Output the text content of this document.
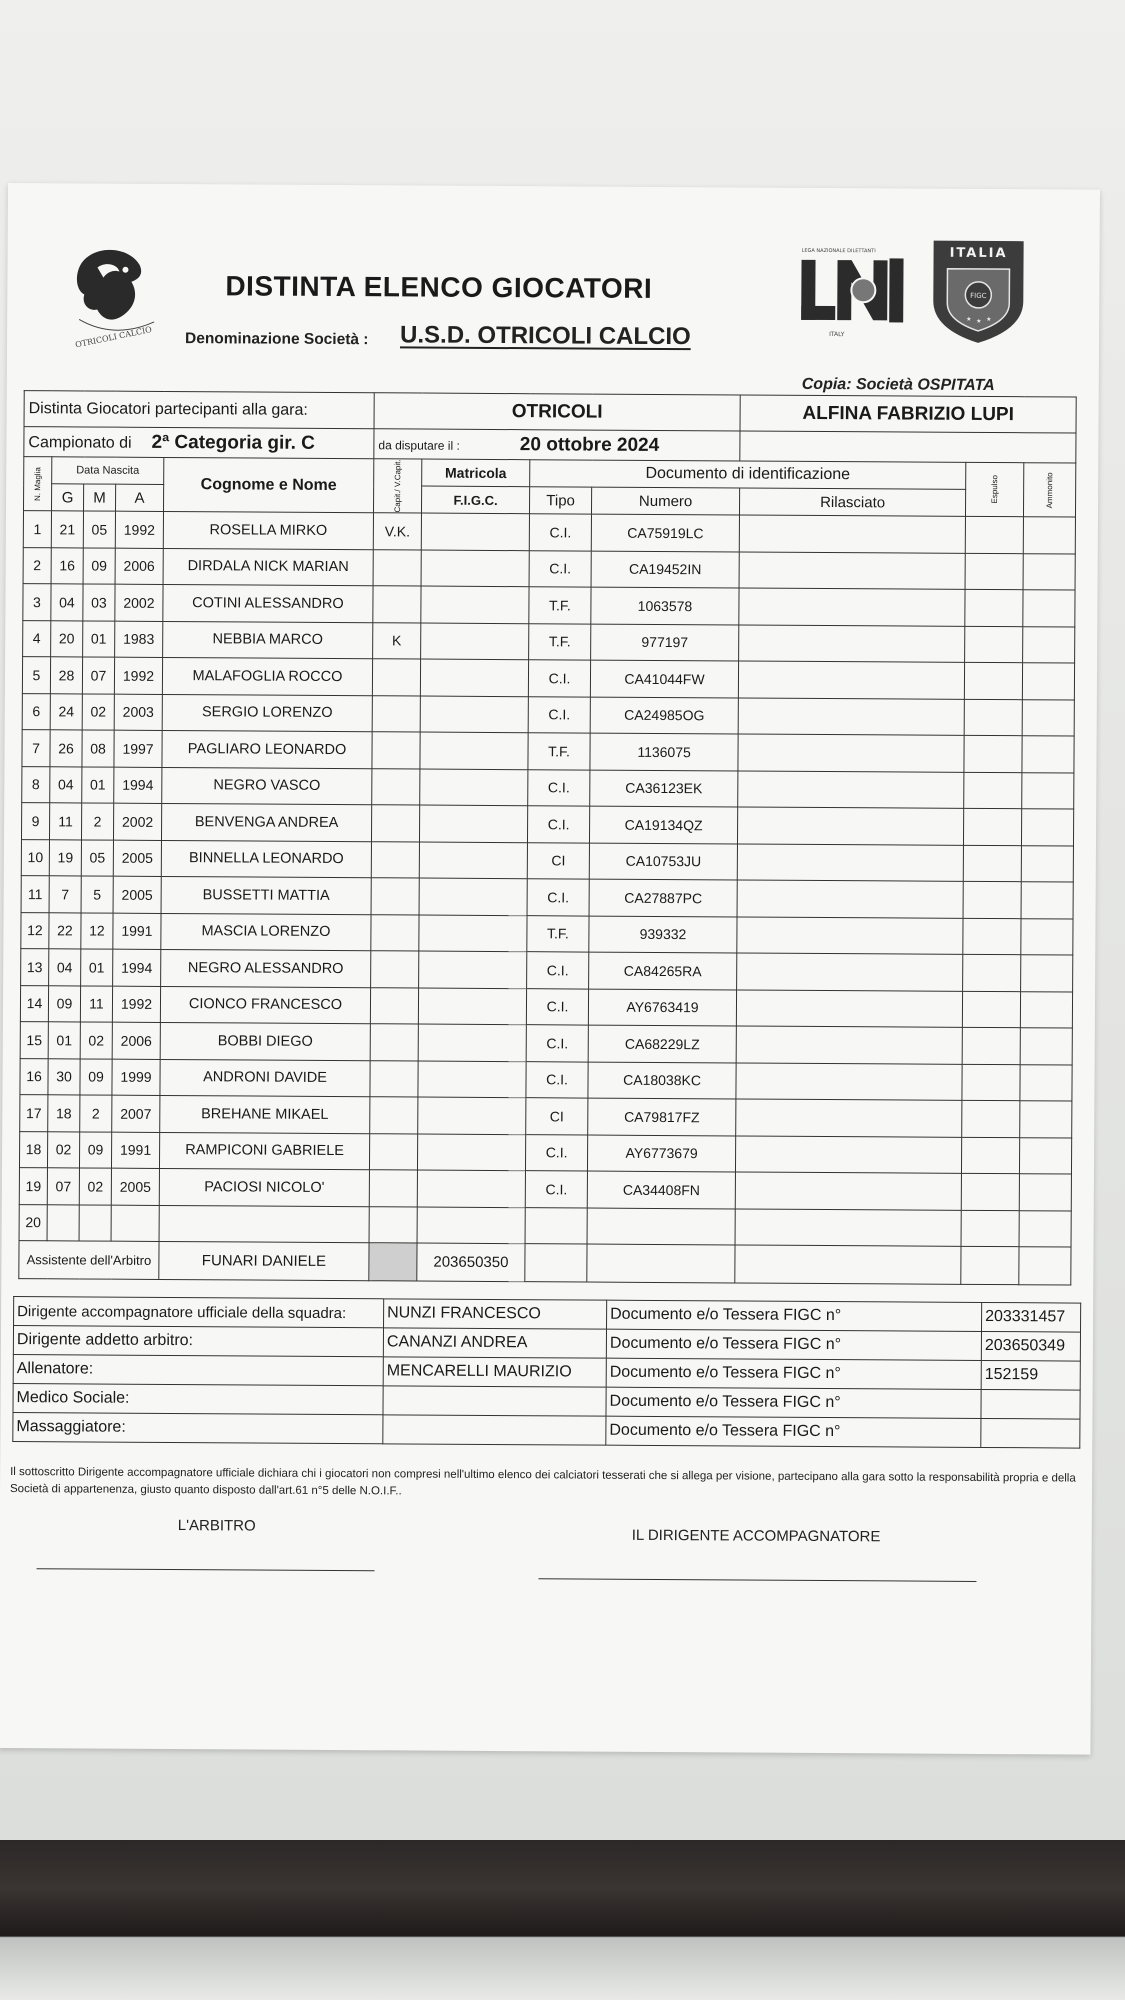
OTRICOLI CALCIO
DISTINTA ELENCO GIOCATORI
Denominazione Società : U.S.D. OTRICOLI CALCIO
LEGA NAZIONALE DILETTANTI
ITALY
ITALIA
FIGC
★ ★ ★
Copia: Società OSPITATA
Distinta Giocatori partecipanti alla gara:					OTRICOLI				ALFINA FABRIZIO LUPI		
Campionato di 2ª Categoria gir. C					da disputare il : 20 ottobre 2024						

N. Maglia	Data Nascita			Cognome e Nome	Capit./ V.Capit.	Matricola	Documento di identificazione			Espulso	Ammonito

	G	M	A			F.I.G.C.	Tipo	Numero	Rilasciato		
1	21	05	1992	ROSELLA MIRKO	V.K.		C.I.	CA75919LC			
2	16	09	2006	DIRDALA NICK MARIAN			C.I.	CA19452IN			
3	04	03	2002	COTINI ALESSANDRO			T.F.	1063578			
4	20	01	1983	NEBBIA MARCO	K		T.F.	977197			
5	28	07	1992	MALAFOGLIA ROCCO			C.I.	CA41044FW			
6	24	02	2003	SERGIO LORENZO			C.I.	CA24985OG			
7	26	08	1997	PAGLIARO LEONARDO			T.F.	1136075			
8	04	01	1994	NEGRO VASCO			C.I.	CA36123EK			
9	11	2	2002	BENVENGA ANDREA			C.I.	CA19134QZ			
10	19	05	2005	BINNELLA LEONARDO			CI	CA10753JU			
11	7	5	2005	BUSSETTI MATTIA			C.I.	CA27887PC			
12	22	12	1991	MASCIA LORENZO			T.F.	939332			
13	04	01	1994	NEGRO ALESSANDRO			C.I.	CA84265RA			
14	09	11	1992	CIONCO FRANCESCO			C.I.	AY6763419			
15	01	02	2006	BOBBI DIEGO			C.I.	CA68229LZ			
16	30	09	1999	ANDRONI DAVIDE			C.I.	CA18038KC			
17	18	2	2007	BREHANE MIKAEL			CI	CA79817FZ			
18	02	09	1991	RAMPICONI GABRIELE			C.I.	AY6773679			
19	07	02	2005	PACIOSI NICOLO'			C.I.	CA34408FN			
20											
Assistente dell'Arbitro				FUNARI DANIELE		203650350					
Dirigente accompagnatore ufficiale della squadra:	NUNZI FRANCESCO	Documento e/o Tessera FIGC n°	203331457
Dirigente addetto arbitro:	CANANZI ANDREA	Documento e/o Tessera FIGC n°	203650349
Allenatore:	MENCARELLI MAURIZIO	Documento e/o Tessera FIGC n°	152159
Medico Sociale:		Documento e/o Tessera FIGC n°	
Massaggiatore:		Documento e/o Tessera FIGC n°	
Il sottoscritto Dirigente accompagnatore ufficiale dichiara chi i giocatori non compresi nell'ultimo elenco dei calciatori tesserati che si allega per visione, partecipano alla gara sotto la responsabilità propria e della Società di appartenenza, giusto quanto disposto dall'art.61 n°5 delle N.O.I.F..
L'ARBITRO
IL DIRIGENTE ACCOMPAGNATORE
